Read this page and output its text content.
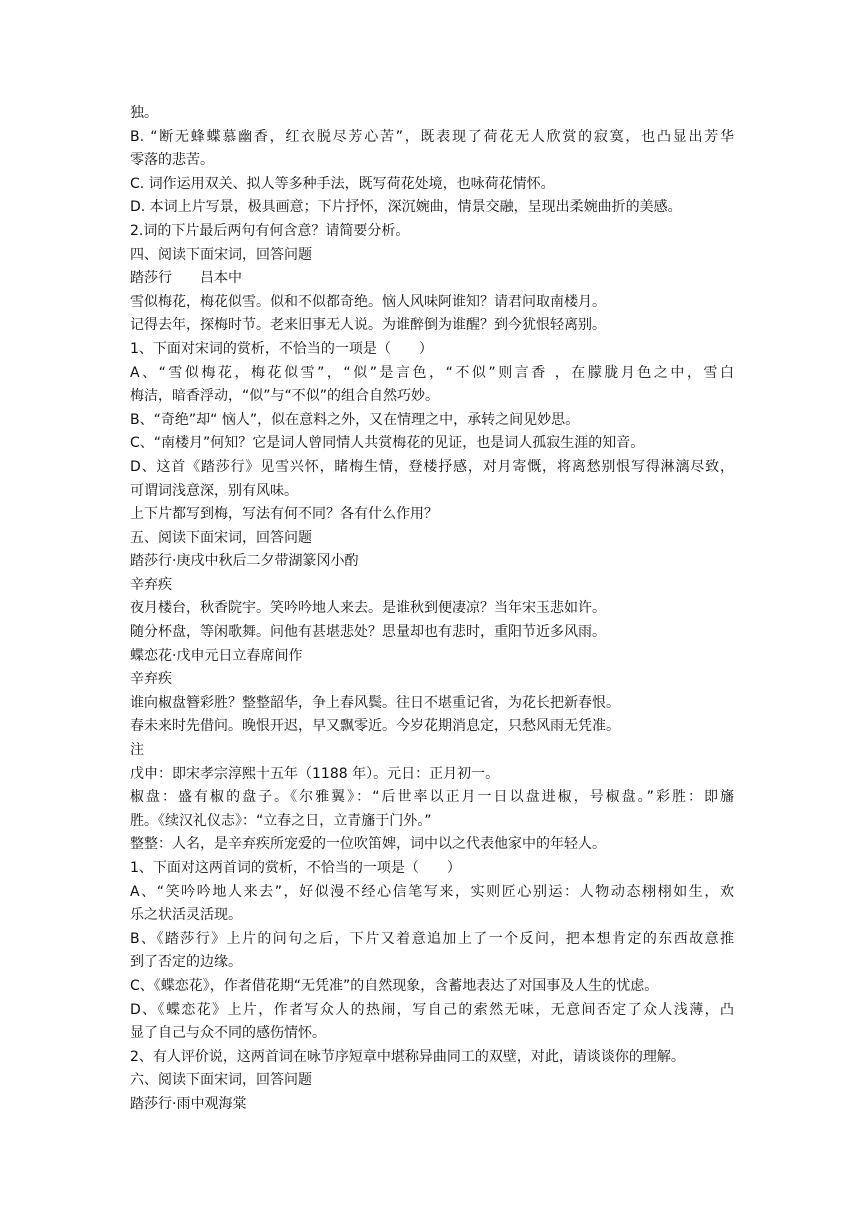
独。
B. “断无蜂蝶慕幽香，红衣脱尽芳心苦”，既表现了荷花无人欣赏的寂寞，也凸显出芳华
零落的悲苦。
C. 词作运用双关、拟人等多种手法，既写荷花处境，也咏荷花情怀。
D. 本词上片写景，极具画意；下片抒怀，深沉婉曲，情景交融，呈现出柔婉曲折的美感。
2.词的下片最后两句有何含意？请简要分析。
四、阅读下面宋词，回答问题
踏莎行　　吕本中
雪似梅花，梅花似雪。似和不似都奇绝。恼人风味阿谁知？请君问取南楼月。
记得去年，探梅时节。老来旧事无人说。为谁醉倒为谁醒？到今犹恨轻离别。
1、下面对宋词的赏析，不恰当的一项是（　　）
A、“雪似梅花，梅花似雪”，“似”是言色，“不似”则言香 ，在朦胧月色之中，雪白
梅洁，暗香浮动，“似”与“不似”的组合自然巧妙。
B、“奇绝”却“ 恼人”，似在意料之外，又在情理之中，承转之间见妙思。
C、“南楼月”何知？它是词人曾同情人共赏梅花的见证，也是词人孤寂生涯的知音。
D、这首《踏莎行》见雪兴怀，睹梅生情，登楼抒感，对月寄慨，将离愁别恨写得淋漓尽致，
可谓词浅意深，别有风味。
上下片都写到梅，写法有何不同？各有什么作用？
五、阅读下面宋词，回答问题
踏莎行·庚戌中秋后二夕带湖篆冈小酌
辛弃疾
夜月楼台，秋香院宇。笑吟吟地人来去。是谁秋到便凄凉？当年宋玉悲如许。
随分杯盘，等闲歌舞。问他有甚堪悲处？思量却也有悲时，重阳节近多风雨。
蝶恋花·戊申元日立春席间作
辛弃疾
谁向椒盘簪彩胜？整整韶华，争上春风鬓。往日不堪重记省，为花长把新春恨。
春未来时先借问。晚恨开迟，早又飘零近。今岁花期消息定，只愁风雨无凭准。
注
戊申：即宋孝宗淳熙十五年（1188 年）。元日：正月初一。
椒盘：盛有椒的盘子。《尔雅翼》：“后世率以正月一日以盘进椒，号椒盘。”彩胜：即旛
胜。《续汉礼仪志》：“立春之日，立青旛于门外。”
整整：人名，是辛弃疾所宠爱的一位吹笛婢，词中以之代表他家中的年轻人。
1、下面对这两首词的赏析，不恰当的一项是（　　）
A、“笑吟吟地人来去”，好似漫不经心信笔写来，实则匠心别运：人物动态栩栩如生，欢
乐之状活灵活现。
B、《踏莎行》上片的问句之后，下片又着意追加上了一个反问，把本想肯定的东西故意推
到了否定的边缘。
C、《蝶恋花》，作者借花期“无凭准”的自然现象，含蓄地表达了对国事及人生的忧虑。
D、《蝶恋花》上片，作者写众人的热闹，写自己的索然无味，无意间否定了众人浅薄，凸
显了自己与众不同的感伤情怀。
2、有人评价说，这两首词在咏节序短章中堪称异曲同工的双壁，对此，请谈谈你的理解。
六、阅读下面宋词，回答问题
踏莎行·雨中观海棠
